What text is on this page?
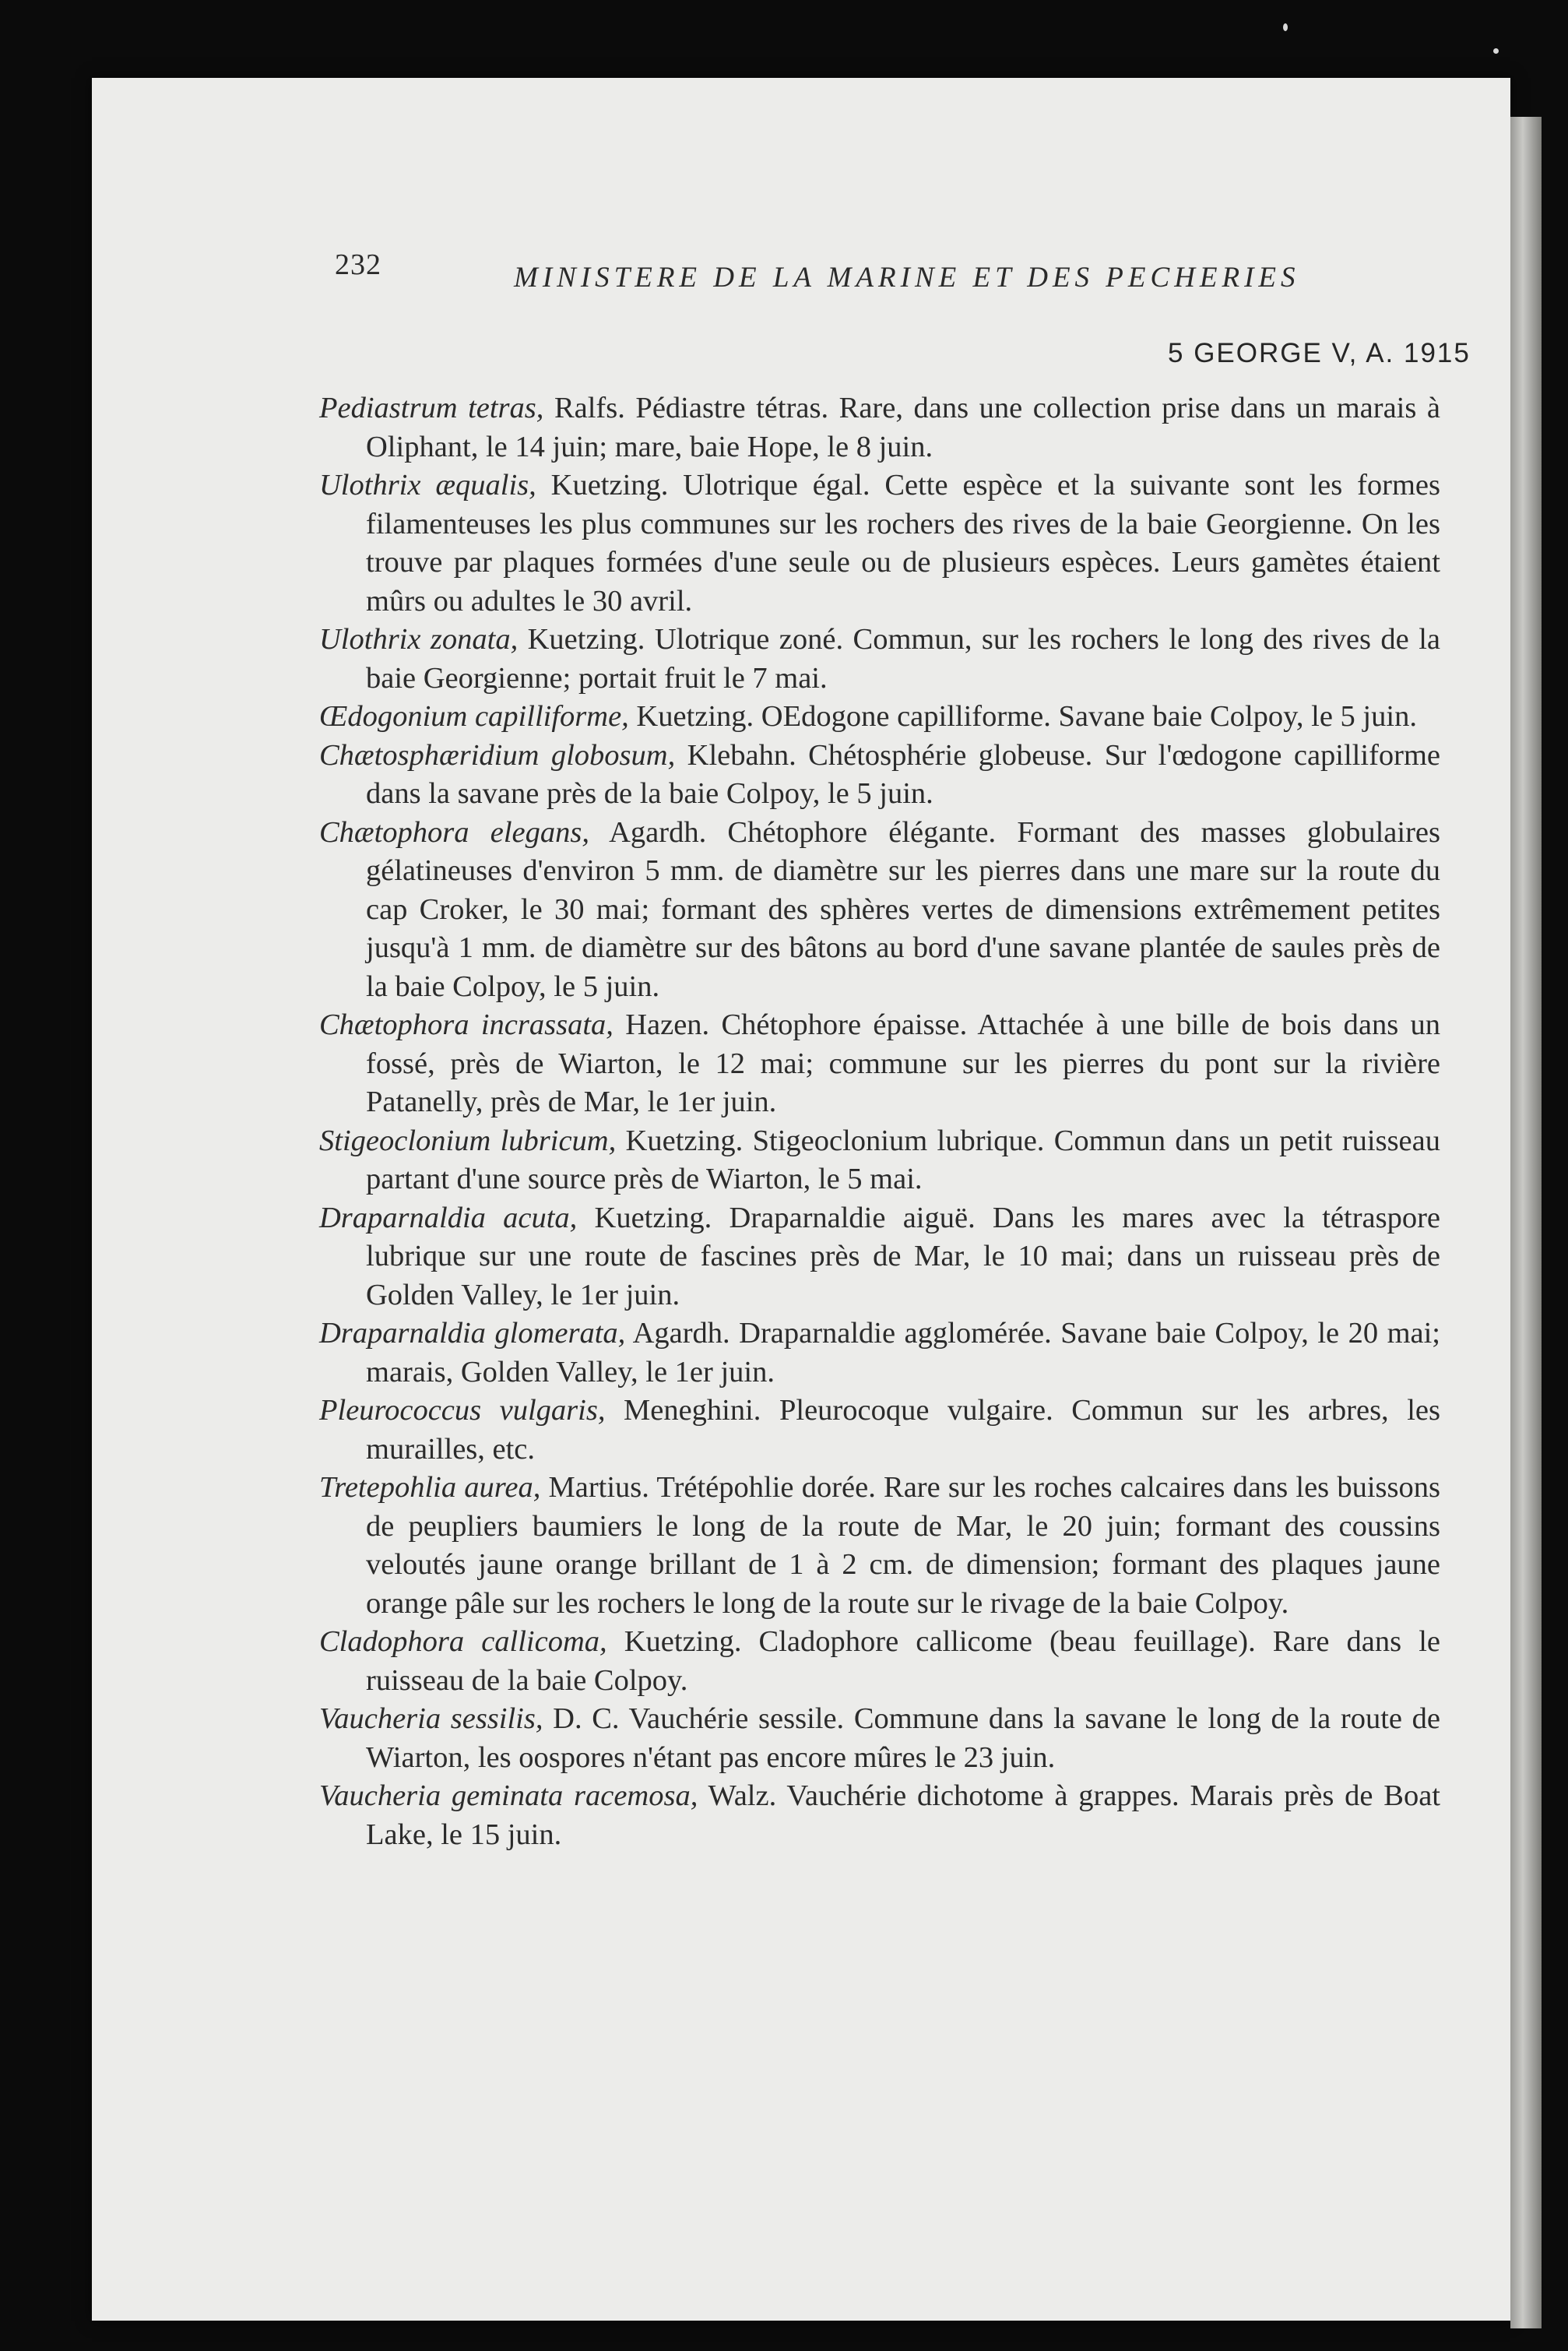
232	MINISTERE DE LA MARINE ET DES PECHERIES
5 GEORGE V, A. 1915

Pediastrum tetras, Ralfs. Pédiastre tétras. Rare, dans une collection prise dans un marais à Oliphant, le 14 juin; mare, baie Hope, le 8 juin.

Ulothrix æqualis, Kuetzing. Ulotrique égal. Cette espèce et la suivante sont les formes filamenteuses les plus communes sur les rochers des rives de la baie Georgienne. On les trouve par plaques formées d'une seule ou de plusieurs espèces. Leurs gamètes étaient mûrs ou adultes le 30 avril.

Ulothrix zonata, Kuetzing. Ulotrique zoné. Commun, sur les rochers le long des rives de la baie Georgienne; portait fruit le 7 mai.

Œdogonium capilliforme, Kuetzing. OEdogone capilliforme. Savane baie Colpoy, le 5 juin.

Chætosphæridium globosum, Klebahn. Chétosphérie globeuse. Sur l'œdogone capilliforme dans la savane près de la baie Colpoy, le 5 juin.

Chætophora elegans, Agardh. Chétophore élégante. Formant des masses globulaires gélatineuses d'environ 5 mm. de diamètre sur les pierres dans une mare sur la route du cap Croker, le 30 mai; formant des sphères vertes de dimensions extrêmement petites jusqu'à 1 mm. de diamètre sur des bâtons au bord d'une savane plantée de saules près de la baie Colpoy, le 5 juin.

Chætophora incrassata, Hazen. Chétophore épaisse. Attachée à une bille de bois dans un fossé, près de Wiarton, le 12 mai; commune sur les pierres du pont sur la rivière Patanelly, près de Mar, le 1er juin.

Stigeoclonium lubricum, Kuetzing. Stigeoclonium lubrique. Commun dans un petit ruisseau partant d'une source près de Wiarton, le 5 mai.

Draparnaldia acuta, Kuetzing. Draparnaldie aiguë. Dans les mares avec la tétraspore lubrique sur une route de fascines près de Mar, le 10 mai; dans un ruisseau près de Golden Valley, le 1er juin.

Draparnaldia glomerata, Agardh. Draparnaldie agglomérée. Savane baie Colpoy, le 20 mai; marais, Golden Valley, le 1er juin.

Pleurococcus vulgaris, Meneghini. Pleurocoque vulgaire. Commun sur les arbres, les murailles, etc.

Tretepohlia aurea, Martius. Trétépohlie dorée. Rare sur les roches calcaires dans les buissons de peupliers baumiers le long de la route de Mar, le 20 juin; formant des coussins veloutés jaune orange brillant de 1 à 2 cm. de dimension; formant des plaques jaune orange pâle sur les rochers le long de la route sur le rivage de la baie Colpoy.

Cladophora callicoma, Kuetzing. Cladophore callicome (beau feuillage). Rare dans le ruisseau de la baie Colpoy.

Vaucheria sessilis, D. C. Vauchérie sessile. Commune dans la savane le long de la route de Wiarton, les oospores n'étant pas encore mûres le 23 juin.

Vaucheria geminata racemosa, Walz. Vauchérie dichotome à grappes. Marais près de Boat Lake, le 15 juin.
